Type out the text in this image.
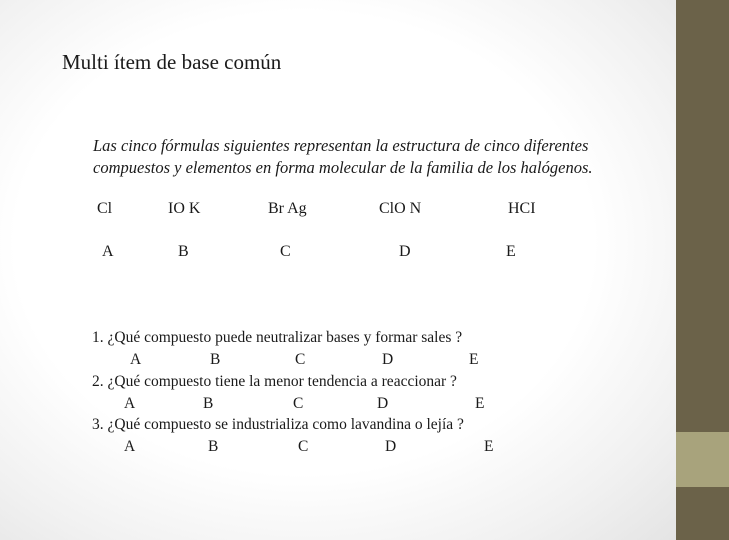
Multi ítem de base común
Las cinco fórmulas siguientes representan la estructura de cinco diferentes compuestos y elementos en forma molecular de la familia de los halógenos.
Cl	IO K	Br Ag	ClO N	HCI
A	B	C	D	E
1. ¿Qué compuesto puede neutralizar bases y formar sales ?
A	B	C	D	E
2. ¿Qué compuesto tiene la menor tendencia a reaccionar ?
A	B	C	D	E
3. ¿Qué compuesto se industrializa como lavandina o lejía ?
A	B	C	D	E
